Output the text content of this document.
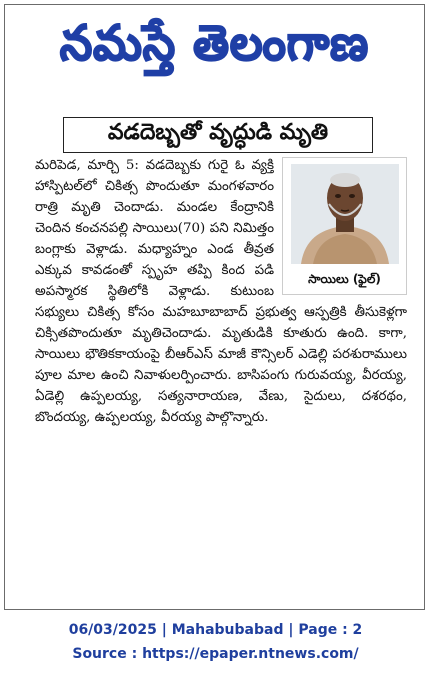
నమస్తే తెలంగాణ
వడదెబ్బతో వృద్ధుడి మృతి
సాయిలు (ఫైల్)
మరిపెడ, మార్చి 5: వడదెబ్బకు గురై ఓ వ్యక్తి హాస్పిటల్‌లో చికిత్స పొందుతూ మంగళవారం రాత్రి మృతి చెందాడు. మండల కేంద్రానికి చెందిన కంచనపల్లి సాయిలు(70) పని నిమిత్తం బంగ్లాకు వెళ్లాడు. మధ్యాహ్నం ఎండ తీవ్రత ఎక్కువ కావడంతో స్పృహ తప్పి కింద పడి అపస్మారక స్థితిలోకి వెళ్లాడు. కుటుంబ సభ్యులు చికిత్స కోసం మహబూబాబాద్ ప్రభుత్వ ఆస్పత్రికి తీసుకెళ్లగా చిక్సితపొందుతూ మృతిచెందాడు. మృతుడికి కూతురు ఉంది. కాగా, సాయిలు భౌతికకాయంపై బీఆర్‌ఎస్ మాజీ కౌన్సిలర్ ఎడెల్లి పరశురాములు పూల మాల ఉంచి నివాళులర్పించారు. బాసిపంగు గురువయ్య, వీరయ్య, ఏడెల్లి ఉప్పలయ్య, సత్యనారాయణ, వేణు, సైదులు, దశరథం, బొందయ్య, ఉప్పలయ్య, వీరయ్య పాల్గొన్నారు.
06/03/2025 | Mahabubabad | Page : 2
Source : https://epaper.ntnews.com/
